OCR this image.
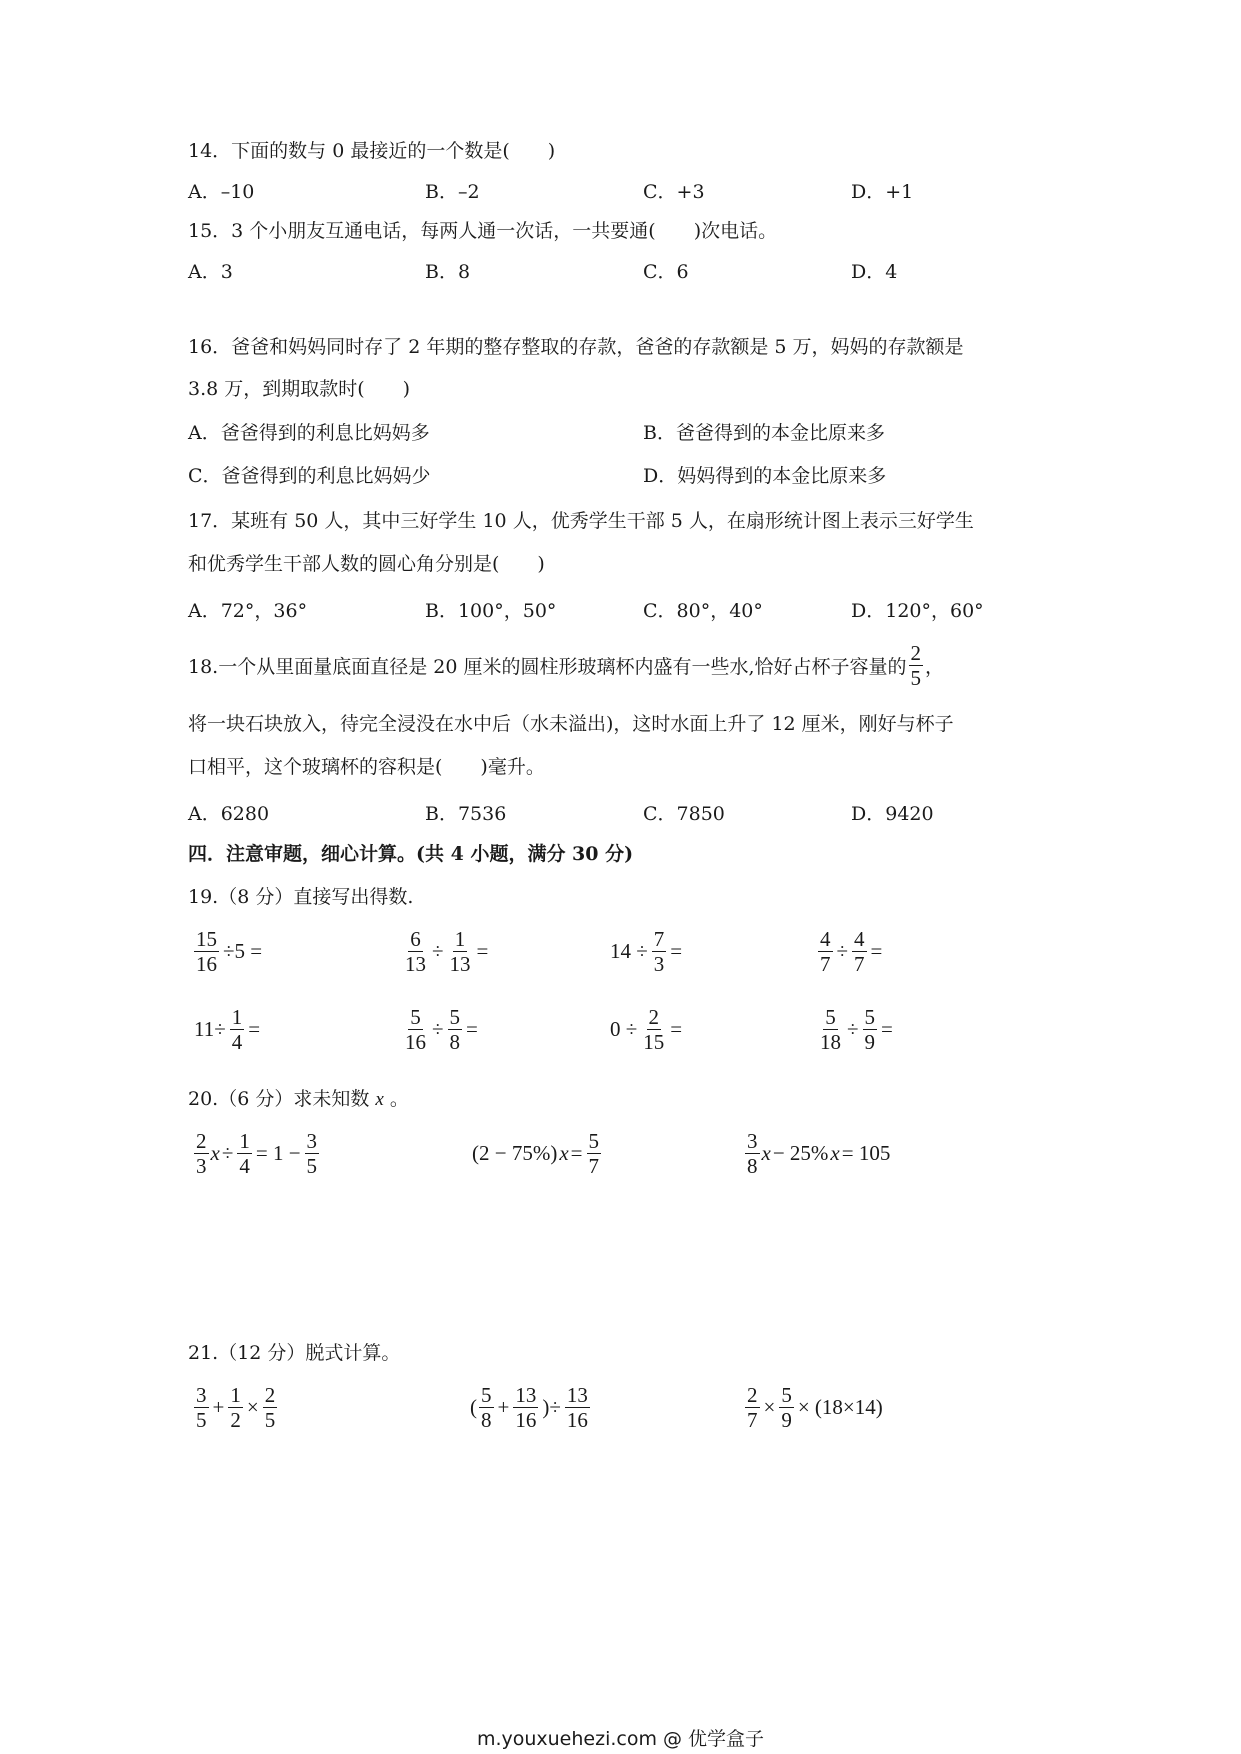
14．下面的数与 0 最接近的一个数是(　　)
A．–10	B．–2	C．+3	D．+1
15．3 个小朋友互通电话，每两人通一次话，一共要通(　　)次电话。
A．3	B．8	C．6	D．4
16．爸爸和妈妈同时存了 2 年期的整存整取的存款，爸爸的存款额是 5 万，妈妈的存款额是
3.8 万，到期取款时(　　)
A．爸爸得到的利息比妈妈多	B．爸爸得到的本金比原来多
C．爸爸得到的利息比妈妈少	D．妈妈得到的本金比原来多
17．某班有 50 人，其中三好学生 10 人，优秀学生干部 5 人，在扇形统计图上表示三好学生
和优秀学生干部人数的圆心角分别是(　　)
A．72°，36°	B．100°，50°	C．80°，40°	D．120°，60°
18.一个从里面量底面直径是 20 厘米的圆柱形玻璃杯内盛有一些水,恰好占杯子容量的 $\frac{2}{5}$ ，
将一块石块放入，待完全浸没在水中后（水未溢出)，这时水面上升了 12 厘米，刚好与杯子
口相平，这个玻璃杯的容积是(　　)毫升。
A．6280	B．7536	C．7850	D．9420
四．注意审题，细心计算。(共 4 小题，满分 30 分)
19.（8 分）直接写出得数.
$\frac{15}{16} \div 5$ =	$\frac{6}{13} \div \frac{1}{13}$ =	$14 \div \frac{7}{3}$ =	$\frac{4}{7} \div \frac{4}{7}$ =
$11\div \frac{1}{4}$ =	$\frac{5}{16} \div \frac{5}{8}$ =	$0 \div \frac{2}{15}$ =	$\frac{5}{18} \div \frac{5}{9}$ =
20.（6 分）求未知数 x 。
$\frac{2}{3}$ $x \div \frac{1}{4} = 1 - \frac{3}{5}$	(2 − 75%) $x = \frac{5}{7}$	$\frac{3}{8}$ x − 25% x = 105
21.（12 分）脱式计算。
$\frac{3}{5} + \frac{1}{2} \times \frac{2}{5}$	( $\frac{5}{8} + \frac{13}{16}$ )÷ $\frac{13}{16}$	$\frac{2}{7} \times \frac{5}{9} \times (18\times 14)$
m.youxuehezi.com @ 优学盒子
